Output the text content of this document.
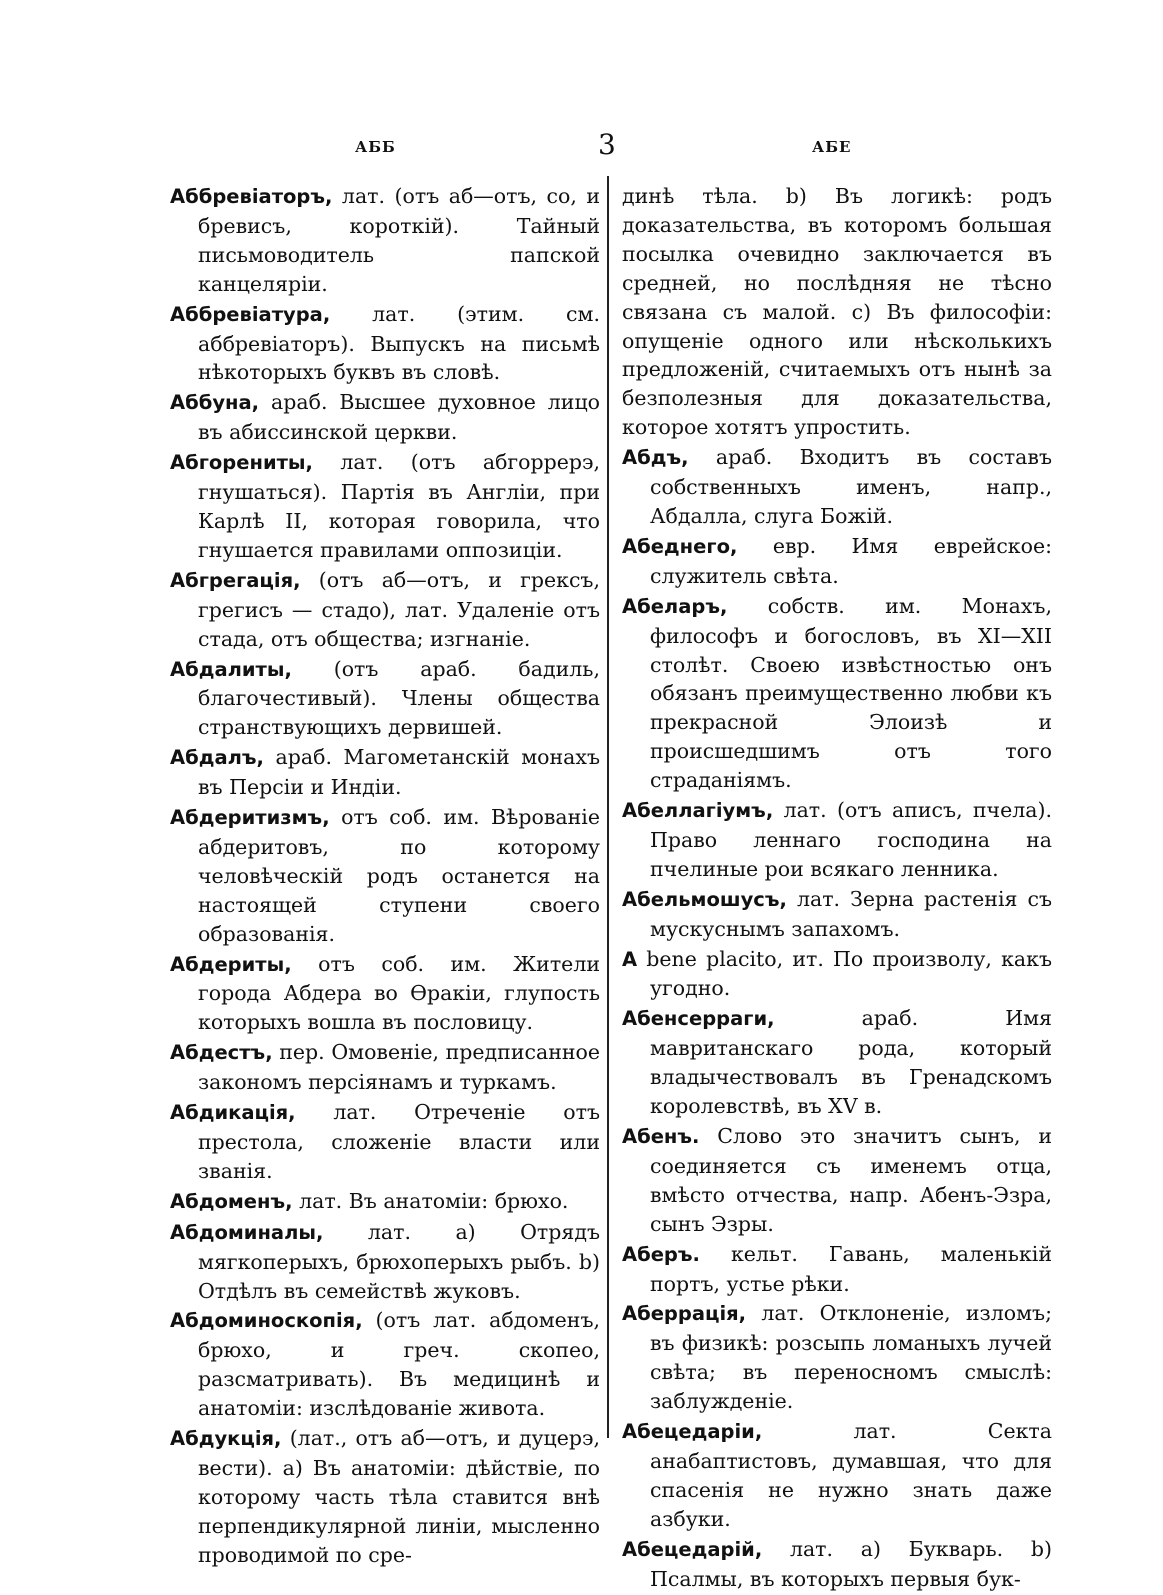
АББ	3	АБЕ

Аббревіаторъ, лат. (отъ аб—отъ, со, и бревисъ, короткій). Тайный письмоводитель папской канцеляріи.

Аббревіатура, лат. (этим. см. аббревіаторъ). Выпускъ на письмѣ нѣкоторыхъ буквъ въ словѣ.

Аббуна, араб. Высшее духовное лицо въ абиссинской церкви.

Абгорениты, лат. (отъ абгоррерэ, гнушаться). Партія въ Англіи, при Карлѣ II, которая говорила, что гнушается правилами оппозиціи.

Абгрегація, (отъ аб—отъ, и грексъ, грегисъ — стадо), лат. Удаленіе отъ стада, отъ общества; изгнаніе.

Абдалиты, (отъ араб. бадиль, благочестивый). Члены общества странствующихъ дервишей.

Абдалъ, араб. Магометанскій монахъ въ Персіи и Индіи.

Абдеритизмъ, отъ соб. им. Вѣрованіе абдеритовъ, по которому человѣческій родъ останется на настоящей ступени своего образованія.

Абдериты, отъ соб. им. Жители города Абдера во Ѳракіи, глупость которыхъ вошла въ пословицу.

Абдестъ, пер. Омовеніе, предписанное закономъ персіянамъ и туркамъ.

Абдикація, лат. Отреченіе отъ престола, сложеніе власти или званія.

Абдоменъ, лат. Въ анатоміи: брюхо.

Абдоминалы, лат. a) Отрядъ мягкоперыхъ, брюхоперыхъ рыбъ. b) Отдѣлъ въ семействѣ жуковъ.

Абдоминоскопія, (отъ лат. абдоменъ, брюхо, и греч. скопео, разсматривать). Въ медицинѣ и анатоміи: изслѣдованіе живота.

Абдукція, (лат., отъ аб—отъ, и дуцерэ, вести). a) Въ анатоміи: дѣйствіе, по которому часть тѣла ставится внѣ перпендикулярной линіи, мысленно проводимой по сре-

динѣ тѣла. b) Въ логикѣ: родъ доказательства, въ которомъ большая посылка очевидно заключается въ средней, но послѣдняя не тѣсно связана съ малой. c) Въ философіи: опущеніе одного или нѣсколькихъ предложеній, считаемыхъ отъ нынѣ за безполезныя для доказательства, которое хотятъ упростить.

Абдъ, араб. Входитъ въ составъ собственныхъ именъ, напр., Абдалла, слуга Божій.

Абеднего, евр. Имя еврейское: служитель свѣта.

Абеларъ, собств. им. Монахъ, философъ и богословъ, въ XI—XII столѣт. Своею извѣстностью онъ обязанъ преимущественно любви къ прекрасной Элоизѣ и происшедшимъ отъ того страданіямъ.

Абеллагіумъ, лат. (отъ аписъ, пчела). Право леннаго господина на пчелиные рои всякаго ленника.

Абельмошусъ, лат. Зерна растенія съ мускуснымъ запахомъ.

A bene placito, ит. По произволу, какъ угодно.

Абенсерраги,	араб. Имя мавританскаго рода, который владычествовалъ въ Гренадскомъ королевствѣ, въ XV в.

Абенъ. Слово это значитъ сынъ, и соединяется съ именемъ отца, вмѣсто отчества, напр. Абенъ-Эзра, сынъ Эзры.

Аберъ. кельт. Гавань, маленькій портъ, устье рѣки.

Аберрація, лат. Отклоненіе, изломъ; въ физикѣ: розсыпь ломаныхъ лучей свѣта; въ переносномъ смыслѣ: заблужденіе.

Абецедаріи,	лат. Секта анабаптистовъ, думавшая, что для спасенія не нужно знать даже азбуки.

Абецедарій, лат. a) Букварь. b) Псалмы, въ которыхъ первыя бук-
